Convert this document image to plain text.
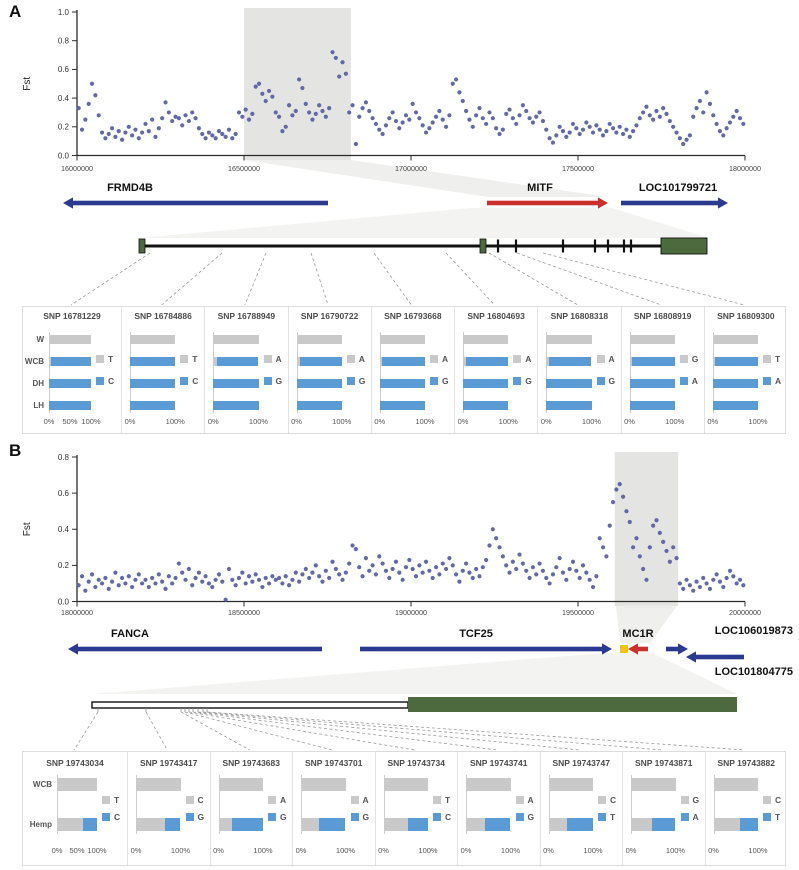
0.0
0.2
0.4
0.6
0.8
1.0
16000000	16500000	17000000	17500000	18000000
Fst
0.0
0.2
0.4
0.6
0.8
18000000	18500000	19000000	19500000	20000000
Fst
FRMD4B	MITF	LOC101799721
FANCA	TCF25	MC1R	LOC106019873
LOC101804775
A
B
SNP 16781229
W
WCB
DH
LH
T
C
0% 50% 100%
SNP 16784886
T
C
0%	100%
SNP 16788949
A
G
0%	100%
SNP 16790722
A
G
0%	100%
SNP 16793668
A
G
0%	100%
SNP 16804693
A
G
0%	100%
SNP 16808318
A
G
0%	100%
SNP 16808919
G
A
0%	100%
SNP 16809300
T
A
0%	100%
SNP 19743034
WCB
Hemp
T
C
0% 50% 100%
SNP 19743417
C
G
0%	100%
SNP 19743683
A
G
0%	100%
SNP 19743701
A
G
0%	100%
SNP 19743734
T
C
0%	100%
SNP 19743741
A
G
0%	100%
SNP 19743747
C
T
0%	100%
SNP 19743871
G
A
0%	100%
SNP 19743882
C
T
0%	100%
